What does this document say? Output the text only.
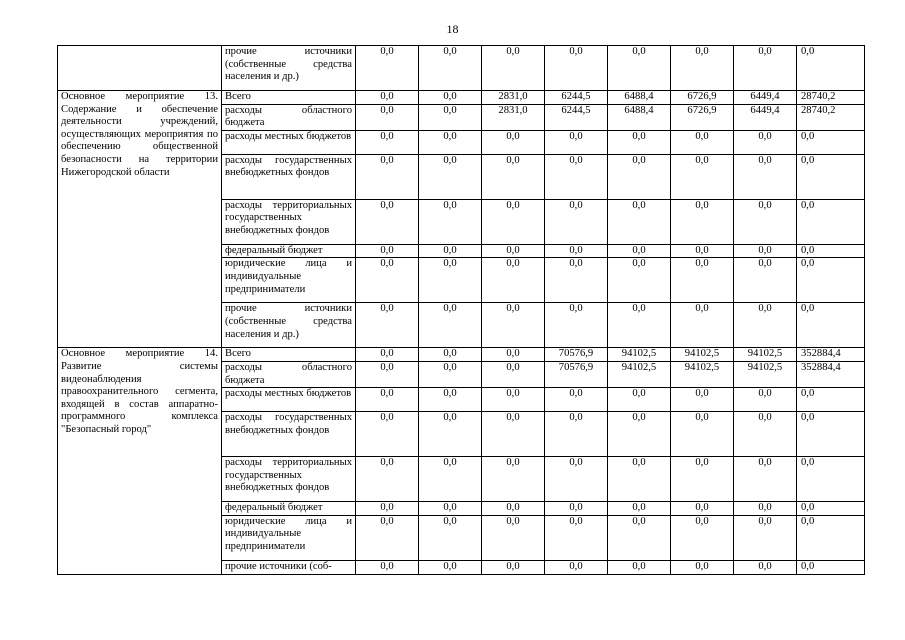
18
	прочие источники (собственные средства населения и др.)	0,0	0,0	0,0	0,0	0,0	0,0	0,0	0,0
Основное мероприятие 13. Содержание и обеспечение деятельности учреждений, осуществляющих мероприятия по обеспечению общественной безопасности на территории Нижегородской области	Всего	0,0	0,0	2831,0	6244,5	6488,4	6726,9	6449,4	28740,2
	расходы областного бюджета	0,0	0,0	2831,0	6244,5	6488,4	6726,9	6449,4	28740,2
	расходы местных бюджетов	0,0	0,0	0,0	0,0	0,0	0,0	0,0	0,0
	расходы государственных внебюджетных фондов	0,0	0,0	0,0	0,0	0,0	0,0	0,0	0,0
	расходы территориальных государственных внебюджетных фондов	0,0	0,0	0,0	0,0	0,0	0,0	0,0	0,0
	федеральный бюджет	0,0	0,0	0,0	0,0	0,0	0,0	0,0	0,0
	юридические лица и индивидуальные предприниматели	0,0	0,0	0,0	0,0	0,0	0,0	0,0	0,0
	прочие источники (собственные средства населения и др.)	0,0	0,0	0,0	0,0	0,0	0,0	0,0	0,0
Основное мероприятие 14. Развитие системы видеонаблюдения правоохранительного сегмента, входящей в состав аппаратно-программного комплекса "Безопасный город"	Всего	0,0	0,0	0,0	70576,9	94102,5	94102,5	94102,5	352884,4
	расходы областного бюджета	0,0	0,0	0,0	70576,9	94102,5	94102,5	94102,5	352884,4
	расходы местных бюджетов	0,0	0,0	0,0	0,0	0,0	0,0	0,0	0,0
	расходы государственных внебюджетных фондов	0,0	0,0	0,0	0,0	0,0	0,0	0,0	0,0
	расходы территориальных государственных внебюджетных фондов	0,0	0,0	0,0	0,0	0,0	0,0	0,0	0,0
	федеральный бюджет	0,0	0,0	0,0	0,0	0,0	0,0	0,0	0,0
	юридические лица и индивидуальные предприниматели	0,0	0,0	0,0	0,0	0,0	0,0	0,0	0,0
	прочие источники (соб-	0,0	0,0	0,0	0,0	0,0	0,0	0,0	0,0
